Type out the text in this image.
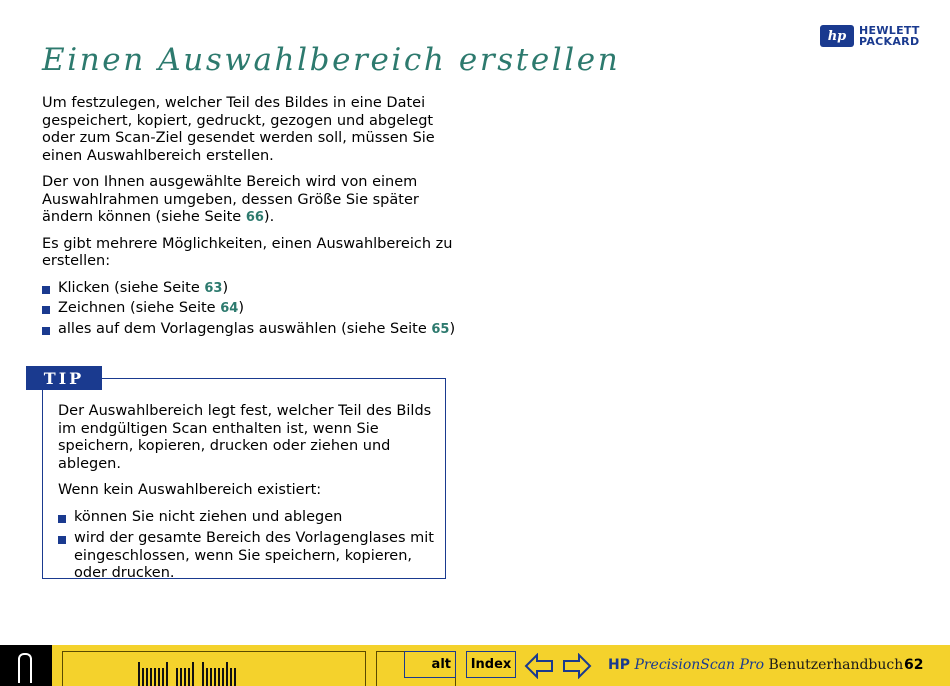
hp	HEWLETT
PACKARD
Einen Auswahlbereich erstellen

Um festzulegen, welcher Teil des Bildes in eine Datei gespeichert, kopiert, gedruckt, gezogen und abgelegt oder zum Scan-Ziel gesendet werden soll, müssen Sie einen Auswahlbereich erstellen.

Der von Ihnen ausgewählte Bereich wird von einem Auswahlrahmen umgeben, dessen Größe Sie später ändern können (siehe Seite 66).

Es gibt mehrere Möglichkeiten, einen Auswahlbereich zu erstellen:

Klicken (siehe Seite 63)
Zeichnen (siehe Seite 64)
alles auf dem Vorlagenglas auswählen (siehe Seite 65)
TIP

Der Auswahlbereich legt fest, welcher Teil des Bilds im endgültigen Scan enthalten ist, wenn Sie speichern, kopieren, drucken oder ziehen und ablegen.

Wenn kein Auswahlbereich existiert:

können Sie nicht ziehen und ablegen
wird der gesamte Bereich des Vorlagenglases mit eingeschlossen, wenn Sie speichern, kopieren, oder drucken.
alt	Index	HP PrecisionScan Pro Benutzerhandbuch 62
